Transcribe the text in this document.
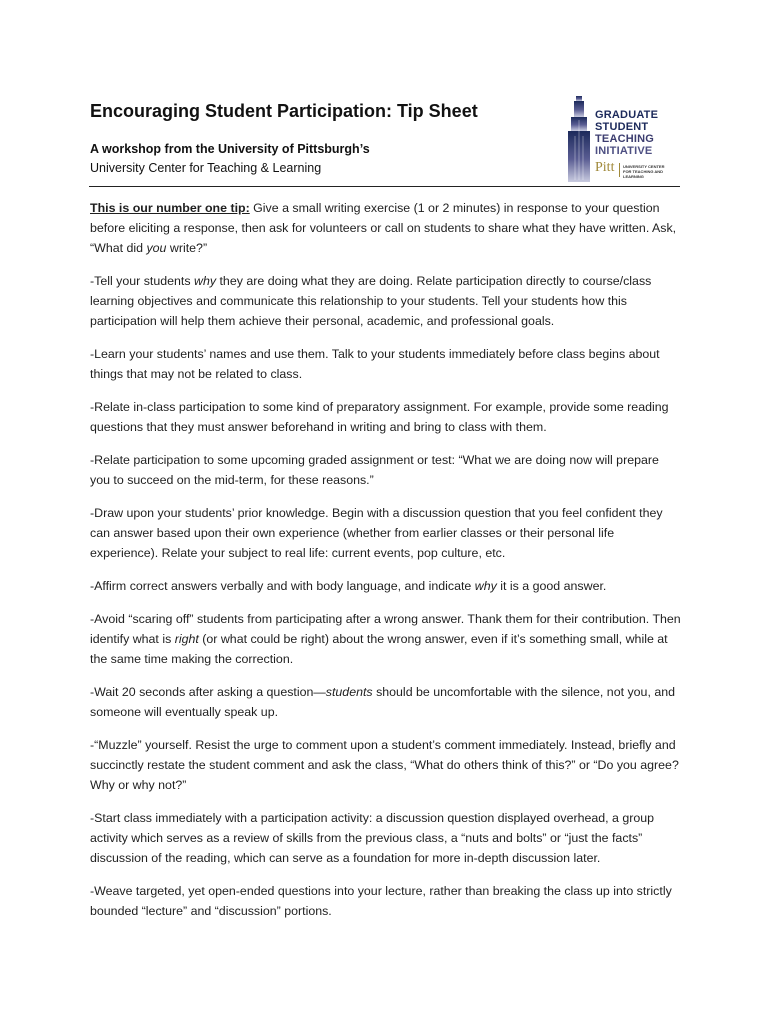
Encouraging Student Participation: Tip Sheet

A workshop from the University of Pittsburgh’s

University Center for Teaching & Learning

GRADUATE
STUDENT
TEACHING
INITIATIVE
Pitt UNIVERSITY CENTER FOR TEACHING AND LEARNING

This is our number one tip: Give a small writing exercise (1 or 2 minutes) in response to your question before eliciting a response, then ask for volunteers or call on students to share what they have written. Ask, “What did you write?”

-Tell your students why they are doing what they are doing. Relate participation directly to course/class learning objectives and communicate this relationship to your students. Tell your students how this participation will help them achieve their personal, academic, and professional goals.

-Learn your students’ names and use them. Talk to your students immediately before class begins about things that may not be related to class.

-Relate in-class participation to some kind of preparatory assignment. For example, provide some reading questions that they must answer beforehand in writing and bring to class with them.

-Relate participation to some upcoming graded assignment or test: “What we are doing now will prepare you to succeed on the mid-term, for these reasons.”

-Draw upon your students’ prior knowledge. Begin with a discussion question that you feel confident they can answer based upon their own experience (whether from earlier classes or their personal life experience). Relate your subject to real life: current events, pop culture, etc.

-Affirm correct answers verbally and with body language, and indicate why it is a good answer.

-Avoid “scaring off” students from participating after a wrong answer. Thank them for their contribution. Then identify what is right (or what could be right) about the wrong answer, even if it’s something small, while at the same time making the correction.

-Wait 20 seconds after asking a question—students should be uncomfortable with the silence, not you, and someone will eventually speak up.

-“Muzzle” yourself. Resist the urge to comment upon a student’s comment immediately. Instead, briefly and succinctly restate the student comment and ask the class, “What do others think of this?” or “Do you agree? Why or why not?”

-Start class immediately with a participation activity: a discussion question displayed overhead, a group activity which serves as a review of skills from the previous class, a “nuts and bolts” or “just the facts” discussion of the reading, which can serve as a foundation for more in-depth discussion later.

-Weave targeted, yet open-ended questions into your lecture, rather than breaking the class up into strictly bounded “lecture” and “discussion” portions.
